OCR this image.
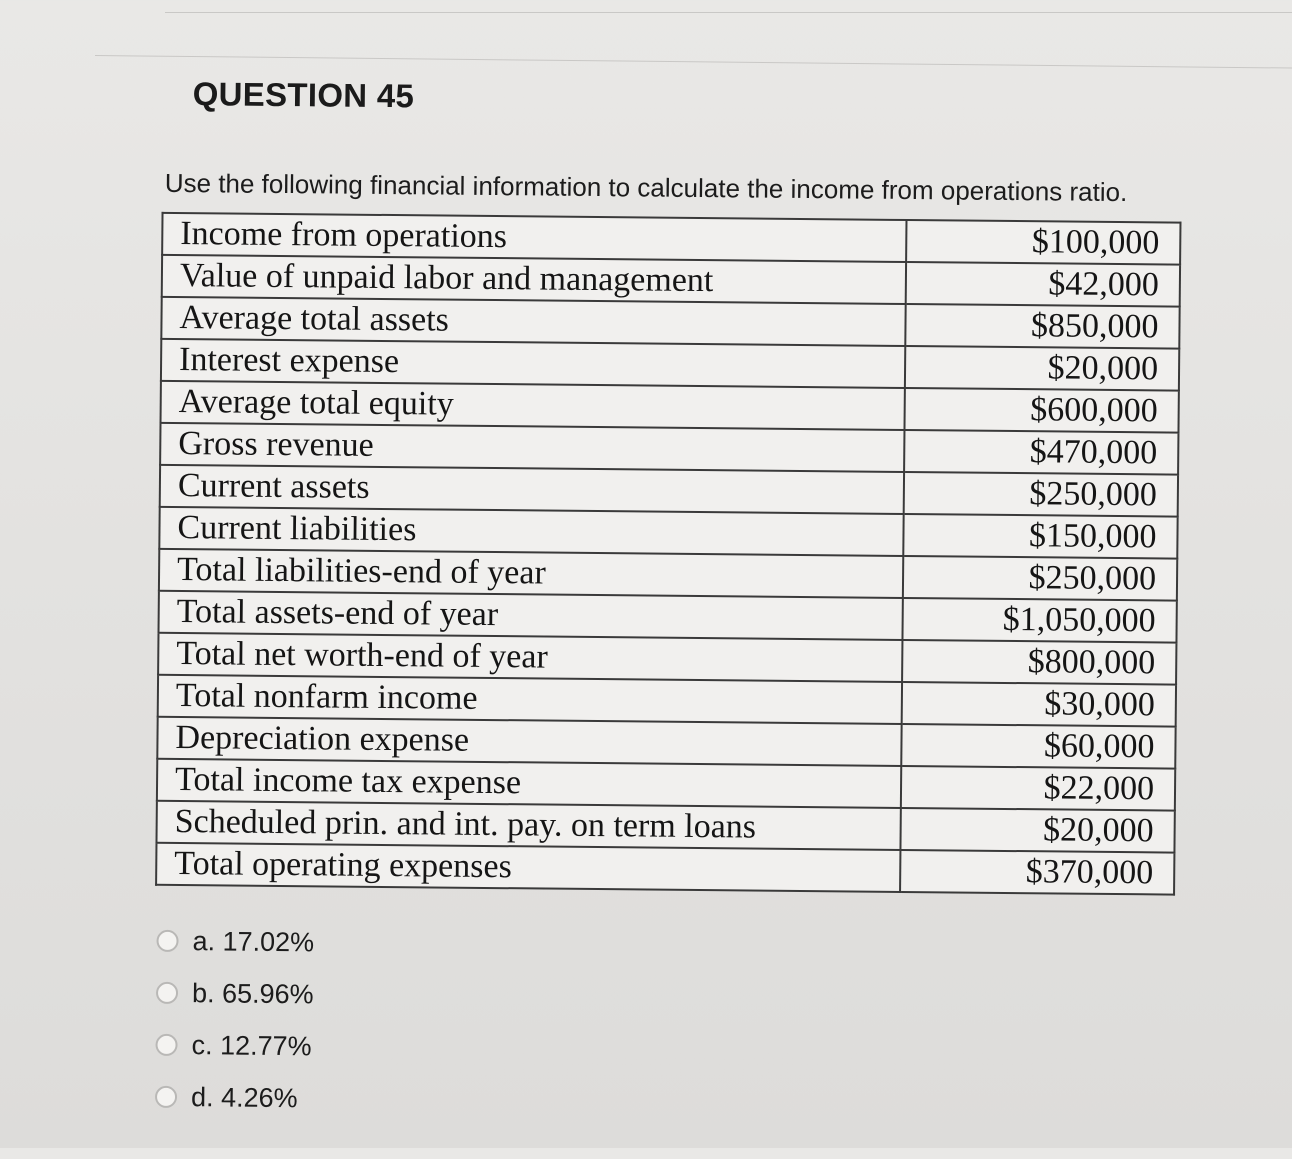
QUESTION 45
Use the following financial information to calculate the income from operations ratio.
Income from operations	$100,000
Value of unpaid labor and management	$42,000
Average total assets	$850,000
Interest expense	$20,000
Average total equity	$600,000
Gross revenue	$470,000
Current assets	$250,000
Current liabilities	$150,000
Total liabilities-end of year	$250,000
Total assets-end of year	$1,050,000
Total net worth-end of year	$800,000
Total nonfarm income	$30,000
Depreciation expense	$60,000
Total income tax expense	$22,000
Scheduled prin. and int. pay. on term loans	$20,000
Total operating expenses	$370,000
a. 17.02%
b. 65.96%
c. 12.77%
d. 4.26%
